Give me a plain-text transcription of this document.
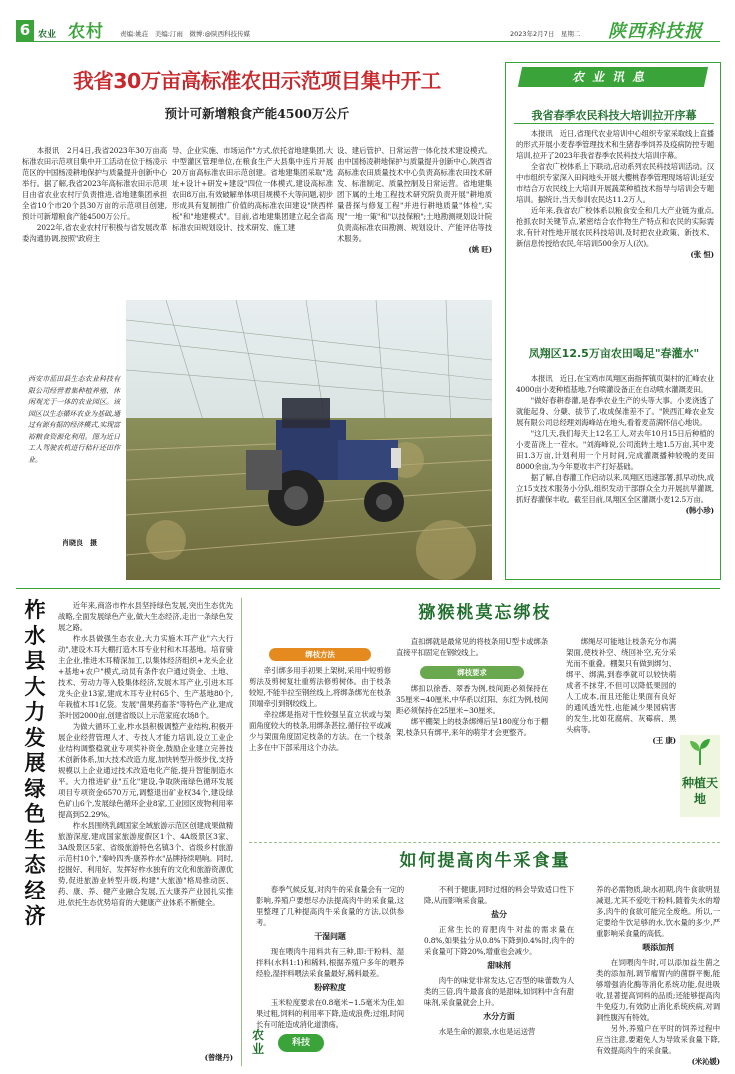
6 农业 农村 责编:姚荘　美编:汀雨　微博:@陕西科技传媒	2023年2月7日　星期二 陕西科技报
我省30万亩高标准农田示范项目集中开工
预计可新增粮食产能4500万公斤

本报讯　2月4日,我省2023年30万亩高标准农田示范项目集中开工活动在位于杨凌示范区的中国杨凌耕地保护与质量提升创新中心举行。据了解,我省2023年高标准农田示范项目由省农业农村厅负责推进,省地建集团承担全省10个市20个县30万亩的示范项目创建,预计可新增粮食产能4500万公斤。

2022年,省农业农村厅积极与省发展改革委沟通协调,按照"政府主

导、企业实施、市场运作"方式,依托省地建集团,大中型灌区管理单位,在粮食生产大县集中连片开展20万亩高标准农田示范创建。省地建集团采取"选址+设计+研发+建设"四位一体模式,建设高标准农田8万亩,有效破解单体项目规模不大等问题,初步形成具有复制推广价值的高标准农田建设"陕西样板"和"地建模式"。目前,省地建集团建立起全省高标准农田规划设计、技术研发、施工建

设、建后管护、日常运营一体化技术建设模式。由中国杨凌耕地保护与质量提升创新中心,陕西省高标准农田质量技术中心负责高标准农田技术研发、标准制定、质量控制及日常运营。省地建集团下属的土地工程技术研究院负责开展"耕地质量普探与修复工程"并进行耕地质量"体检",实现"一地一策"和"以技保粮";土地勘测规划设计院负责高标准农田勘测、规划设计、产能评估等技术服务。

(姚 旺)
西安市蓝田县生态农业科技有限公司经营着集种植养殖、休闲观光于一体的农业园区。该园区以生态循环农业为基础,通过有源有据的经济模式,实现富裕粮食资源化利用。图为近日工人驾驶农机进行秸秆还田作业。
肖晓良　摄
农业讯息
我省春季农民科技大培训拉开序幕

本报讯　近日,省现代农业培训中心组织专家采取线上直播的形式开展小麦春季管理技术和生猪春季饲养及疫病防控专题培训,拉开了2023年我省春季农民科技大培训序幕。

全省农广校体系上下联动,启动系列农民科技培训活动。汉中市组织专家深入田间地头开展大樱桃春季管理现场培训;延安市结合万农民线上大培训开展蔬菜种植技术指导与培训会专题培训。据统计,当天参训农民达11.2万人。

近年来,我省农广校体系以粮食安全和几大产业链为重点,抢抓农时关键节点,紧密结合农作物生产特点和农民的实际需求,有针对性地开展农民科技培训,及时把农业政策、新技术、新信息传授给农民,年培训500余万人(次)。

(张 恒)
凤翔区12.5万亩农田喝足"春灌水"

本报讯　近日,在宝鸡市凤翔区南指挥镇页渠村的汇峰农业4000亩小麦种植基地,7台喷灌设备正在自动喷水灌溉麦田。

"做好春耕春灌,是春季农业生产的头等大事。小麦浇透了就能起身、分蘖、拔节了,收成保准差不了。"陕西汇峰农业发展有限公司总经理刘海峰站在地头,看着麦苗满怀信心地说。

"这几天,我们每天上12名工人,对去年10月15日后种植的小麦苗浇上一茬水。"刘海峰说,公司流转土地1.5万亩,其中麦田1.3万亩,计划利用一个月时间,完成灌溉播种较晚的麦田8000余亩,为今年夏收丰产打好基础。

据了解,自春灌工作启动以来,凤翔区迅速部署,抓早动快,成立15支技术服务小分队,组织发动干部群众全力开展抗旱灌溉,抓好春灌保丰收。截至目前,凤翔区全区灌溉小麦12.5万亩。

(韩小珍)
柞水县大力发展绿色生态经济

近年来,商洛市柞水县坚持绿色发展,突出生态优先战略,全面发展绿色产业,做大生态经济,走出一条绿色发展之路。

柞水县做强生态农业,大力实施木耳产业"六大行动",建设木耳大棚打造木耳专业村和木耳基地。培育骑主企业,推进木耳精深加工,以集体经济组织+龙头企业+基地+农户"模式,动员有条件农户通过资金、土地、技术、劳动力等入股集体经济,发展木耳产业,引进木耳龙头企业13家,建成木耳专业村65个、生产基地80个,年栽植木耳1亿袋。发展"菌果药畜茶"等特色产业,建成茶叶园2000亩,创建省级以上示范家庭农场8个。

为做大循环工业,柞水县积极调整产业结构,积极开展企业经营管理人才、专技人才能力培训,设立工业企业结构调整稳就业专项奖补资金,鼓励企业建立完善技术创新体系,加大技术改造力度,加快转型升级步伐,支持规模以上企业通过技术改造电化产能,提升智能制造水平。大力推进矿业"五化"建设,争取陕南绿色循环发展项目专项资金6570万元,调整退出矿业权34个,建设绿色矿山6个,发展绿色循环企业8家,工业园区废物利用率提高到52.29%。

柞水县围绕乳阔国家全域旅游示范区创建成果做精旅游深度,建成国家旅游度假区1个、4A级景区3家、3A级景区5家、省级旅游特色名镇3个、省级乡村旅游示范村10个,"秦岭四秀·康养柞水"品牌持续唱响。同时,挖掘好、利用好、发挥好柞水独有的文化和旅游资源优势,促进旅游业转型升级,构建"大旅游"格局推动医、药、康、养、健产业融合发展,五大康养产业园扎实推进,依托生态优势培育的大健康产业体系不断健全。

(曾继丹)
猕猴桃莫忘绑枝
绑枝方法

牵引绑多用手初果上架树,采用中短剪修剪法及剪树复壮重剪法修剪树体。由于枝条较短,不能半拉至钢丝线上,将绑条绑光在枝条顶端牵引到钢绞线上。

牵拉绑是指对干性较强呈直立状或与架面角度较大的枝条,用绑条甚拉,循仔拉平或减少与架面角度固定枝条的方法。在一个枝条上多在中下部采用这个办法。

直扣绑就是最常见的将枝条用U型卡或绑条直接平扣固定在钢绞线上。

绑枝要求

绑扣以徐香、翠香为例,枝间距必须保持在35厘米~40厘米,中华系以红阳、东红为例,枝间距必须保持在25厘米~30厘米。

绑平棚架上的枝条绑缚后呈180度分布于棚架,枝条只有绑平,来年的萌芽才会更整齐。

绑绳尽可能地让枝条充分布满架面,使枝补空、绕回补空,充分采光而不重叠。棚架只有做到绑匀、绑平、绑满,到春季就可以较快萌成者不抹芽,不但可以降低果园的人工成本,而且还能让果面有良好的通风透光性,也能减少果园病害的发生,比如花腐病、灰霉病、黑头病等。

(王 康)
种植天地
如何提高肉牛采食量

春季气候反复,对肉牛的采食量会有一定的影响,养殖户要想尽办法提高肉牛的采食量,这里整理了几种提高肉牛采食量的方法,以供参考。

干湿问题

现在喂肉牛用料共有三种,即:干粉料、湿拌料(水料1:1)和稀料,根据养殖户多年的喂养经验,湿拌料喂法采食量最好,稀料最差。

粉碎粒度

玉米粒度要求在0.8毫米~1.5毫米为佳,如果过粗,饲料的利用率下降,造成浪费;过细,时间长有可能造成消化道溃疡。

农业	科技

不利于健康,同时过细的料会导致适口性下降,从而影响采食量。

盐分

正常生长的育肥肉牛对盐的需求量在0.8%,如果盐分从0.8%下降到0.4%时,肉牛的采食量可下降20%,增重也会减少。

甜味剂

肉牛的味觉非常发达,它否型的味蕾数为人类的三倍,肉牛最喜食的是甜味,如饲料中含有甜味剂,采食量就会上升。

水分方面

水是生命的源泉,水也是运送营

养的必需物质,缺水初期,肉牛食欲明显减退,尤其不爱吃干粉料,随着失水的增多,肉牛的食欲可能完全废绝。所以,一定要给牛饮足够的水,饮水量的多少,严重影响采食量的高低。

喂添加剂

在饲喂肉牛时,可以添加益生菌之类的添加剂,调节瘤胃内的菌群平衡,能够增强消化酶等消化系统功能,促进吸收,显著提高饲料的品质;还能够提高肉牛免疫力,有效防止消化系统疾病,对调洞性腹泻有特效。

另外,养殖户在平时的饲养过程中应当注意,要避免人为导致采食量下降,有效提高肉牛的采食量。

(米沁媛)
